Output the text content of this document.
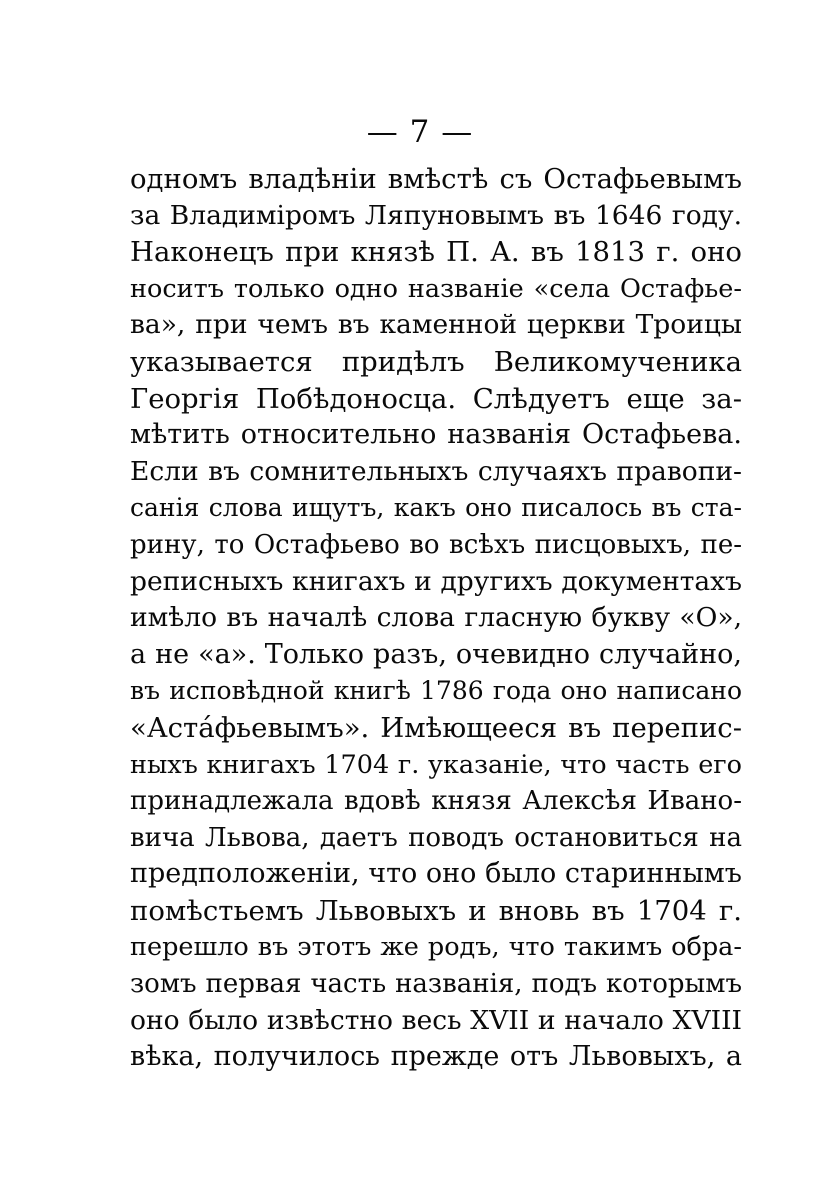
— 7 —
одномъ владѣніи вмѣстѣ съ Остафьевымъ
за Владиміромъ Ляпуновымъ въ 1646 году.
Наконецъ при князѣ П. А. въ 1813 г. оно
носитъ только одно названіе «села Остафье-
ва», при чемъ въ каменной церкви Троицы
указывается придѣлъ Великомученика
Георгія Побѣдоносца. Слѣдуетъ еще за-
мѣтить относительно названія Остафьева.
Если въ сомнительныхъ случаяхъ правопи-
санія слова ищутъ, какъ оно писалось въ ста-
рину, то Остафьево во всѣхъ писцовыхъ, пе-
реписныхъ книгахъ и другихъ документахъ
имѣло въ началѣ слова гласную букву «О»,
а не «а». Только разъ, очевидно случайно,
въ исповѣдной книгѣ 1786 года оно написано
«Аста́фьевымъ». Имѣющееся въ перепис-
ныхъ книгахъ 1704 г. указаніе, что часть его
принадлежала вдовѣ князя Алексѣя Ивано-
вича Львова, даетъ поводъ остановиться на
предположеніи, что оно было стариннымъ
помѣстьемъ Львовыхъ и вновь въ 1704 г.
перешло въ этотъ же родъ, что такимъ обра-
зомъ первая часть названія, подъ которымъ
оно было извѣстно весь XVII и начало XVIII
вѣка, получилось прежде отъ Львовыхъ, а
